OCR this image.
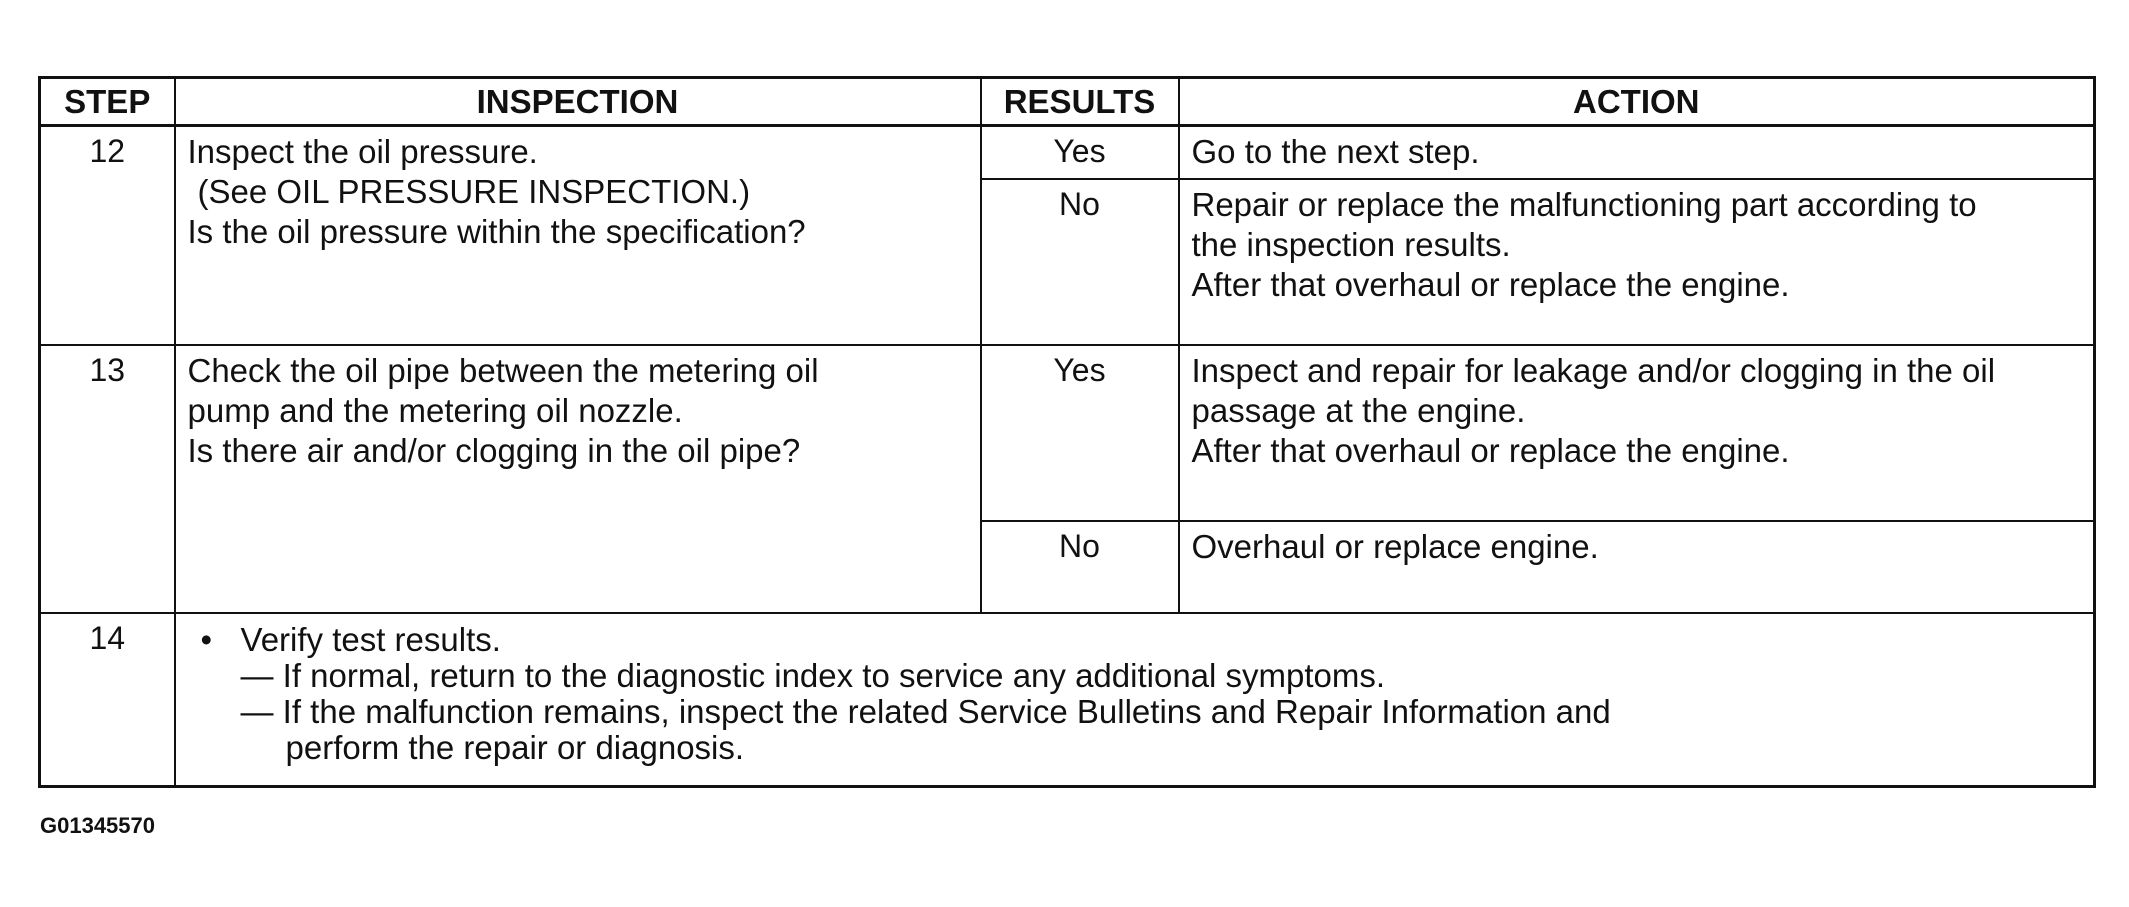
STEP	INSPECTION	RESULTS	ACTION
12	Inspect the oil pressure.
(See OIL PRESSURE INSPECTION.)
Is the oil pressure within the specification?	Yes	Go to the next step.

		No	Repair or replace the malfunctioning part according to
the inspection results.
After that overhaul or replace the engine.

13	Check the oil pipe between the metering oil
pump and the metering oil nozzle.
Is there air and/or clogging in the oil pipe?	Yes	Inspect and repair for leakage and/or clogging in the oil
passage at the engine.
After that overhaul or replace the engine.

		No	Overhaul or replace engine.

14	• Verify test results.
— If normal, return to the diagnostic index to service any additional symptoms.
— If the malfunction remains, inspect the related Service Bulletins and Repair Information and
perform the repair or diagnosis.		
G01345570
